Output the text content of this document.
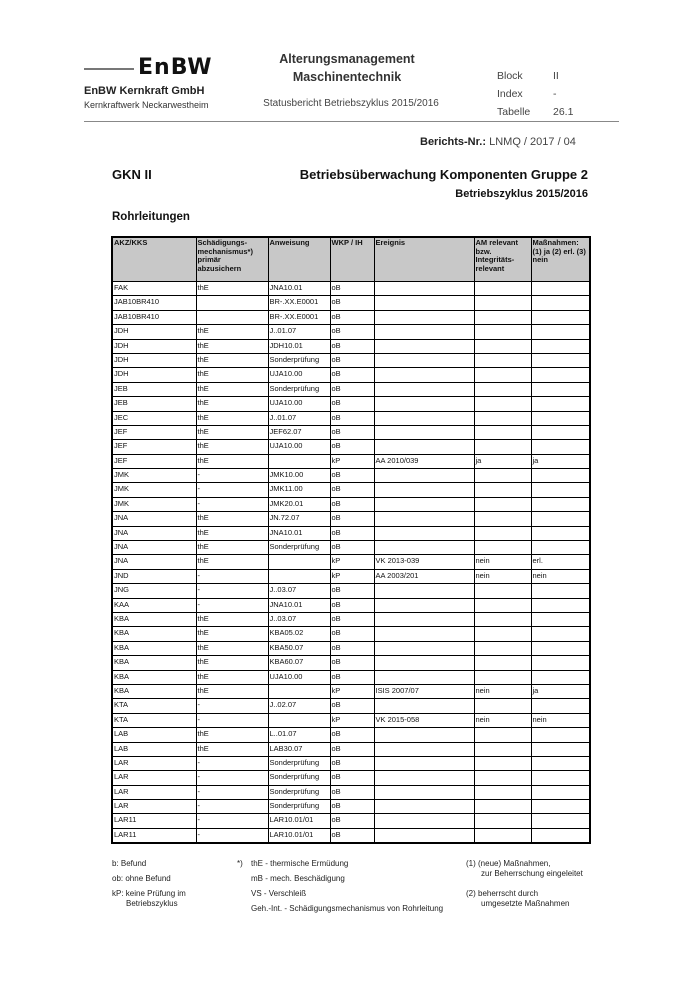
EnBW
EnBW Kernkraft GmbH
Kernkraftwerk Neckarwestheim
Alterungsmanagement
Maschinentechnik
Statusbericht Betriebszyklus 2015/2016
Block	II
Index	-
Tabelle 26.1
Berichts-Nr.: LNMQ / 2017 / 04
GKN II	Betriebsüberwachung Komponenten Gruppe 2
Betriebszyklus 2015/2016
Rohrleitungen
AKZ/KKS	Schädigungs-mechanismus*) primär abzusichern	Anweisung	WKP / IH	Ereignis	AM relevant bzw. Integritäts-relevant	Maßnahmen: (1) ja (2) erl. (3) nein
FAK	thE	JNA10.01	oB			
JAB10BR410		BR-.XX.E0001	oB			
JAB10BR410		BR-.XX.E0001	oB			
JDH	thE	J..01.07	oB			
JDH	thE	JDH10.01	oB			
JDH	thE	Sonderprüfung	oB			
JDH	thE	UJA10.00	oB			
JEB	thE	Sonderprüfung	oB			
JEB	thE	UJA10.00	oB			
JEC	thE	J..01.07	oB			
JEF	thE	JEF62.07	oB			
JEF	thE	UJA10.00	oB			
JEF	thE		kP	AA 2010/039	ja	ja
JMK	-	JMK10.00	oB			
JMK	-	JMK11.00	oB			
JMK	-	JMK20.01	oB			
JNA	thE	JN.72.07	oB			
JNA	thE	JNA10.01	oB			
JNA	thE	Sonderprüfung	oB			
JNA	thE		kP	VK 2013-039	nein	erl.
JND	-		kP	AA 2003/201	nein	nein
JNG	-	J..03.07	oB			
KAA	-	JNA10.01	oB			
KBA	thE	J..03.07	oB			
KBA	thE	KBA05.02	oB			
KBA	thE	KBA50.07	oB			
KBA	thE	KBA60.07	oB			
KBA	thE	UJA10.00	oB			
KBA	thE		kP	ISIS 2007/07	nein	ja
KTA	-	J..02.07	oB			
KTA	-		kP	VK 2015-058	nein	nein
LAB	thE	L..01.07	oB			
LAB	thE	LAB30.07	oB			
LAR	-	Sonderprüfung	oB			
LAR	-	Sonderprüfung	oB			
LAR	-	Sonderprüfung	oB			
LAR	-	Sonderprüfung	oB			
LAR11	-	LAR10.01/01	oB			
LAR11	-	LAR10.01/01	oB			
b: Befund
ob: ohne Befund
kP: keine Prüfung im
Betriebszyklus
*) thE - thermische Ermüdung
mB - mech. Beschädigung
VS - Verschleiß
Geh.-Int. - Schädigungsmechanismus von Rohrleitung
(1) (neue) Maßnahmen,
zur Beherrschung eingeleitet
(2) beherrscht durch
umgesetzte Maßnahmen
